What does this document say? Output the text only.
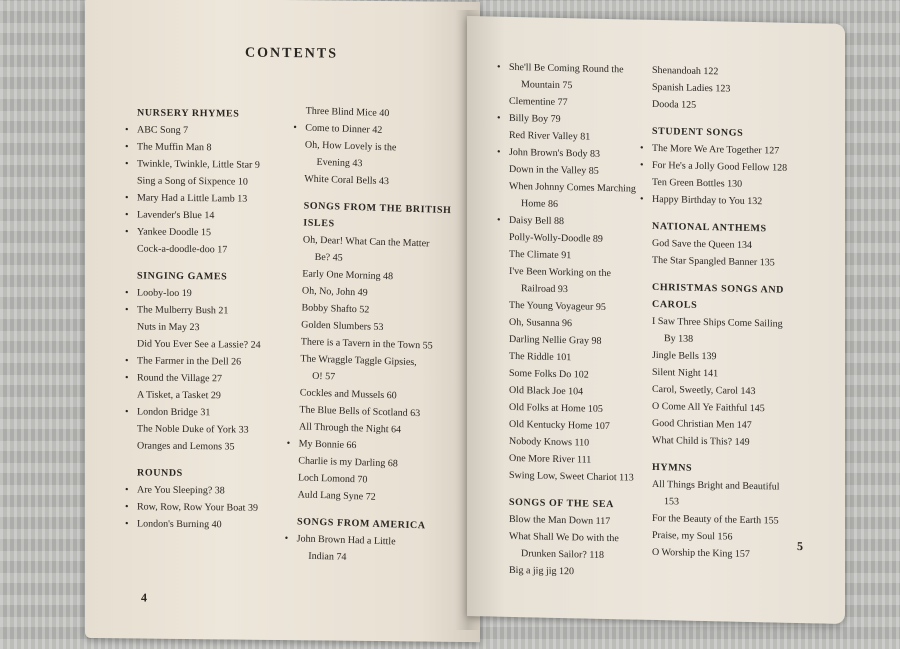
CONTENTS
NURSERY RHYMES
• ABC Song 7
• The Muffin Man 8
• Twinkle, Twinkle, Little Star 9
Sing a Song of Sixpence 10
• Mary Had a Little Lamb 13
• Lavender's Blue 14
• Yankee Doodle 15
Cock-a-doodle-doo 17
SINGING GAMES
• Looby-loo 19
• The Mulberry Bush 21
Nuts in May 23
Did You Ever See a Lassie? 24
• The Farmer in the Dell 26
• Round the Village 27
A Tisket, a Tasket 29
• London Bridge 31
The Noble Duke of York 33
Oranges and Lemons 35
ROUNDS
• Are You Sleeping? 38
• Row, Row, Row Your Boat 39
• London's Burning 40
Three Blind Mice 40
• Come to Dinner 42
Oh, How Lovely is the
Evening 43
White Coral Bells 43
SONGS FROM THE BRITISH
ISLES
Oh, Dear! What Can the Matter
Be? 45
Early One Morning 48
Oh, No, John 49
Bobby Shafto 52
Golden Slumbers 53
There is a Tavern in the Town 55
The Wraggle Taggle Gipsies,
O! 57
Cockles and Mussels 60
The Blue Bells of Scotland 63
All Through the Night 64
• My Bonnie 66
Charlie is my Darling 68
Loch Lomond 70
Auld Lang Syne 72
SONGS FROM AMERICA
• John Brown Had a Little
Indian 74
4
• She'll Be Coming Round the
Mountain 75
Clementine 77
• Billy Boy 79
Red River Valley 81
• John Brown's Body 83
Down in the Valley 85
When Johnny Comes Marching
Home 86
• Daisy Bell 88
Polly-Wolly-Doodle 89
The Climate 91
I've Been Working on the
Railroad 93
The Young Voyageur 95
Oh, Susanna 96
Darling Nellie Gray 98
The Riddle 101
Some Folks Do 102
Old Black Joe 104
Old Folks at Home 105
Old Kentucky Home 107
Nobody Knows 110
One More River 111
Swing Low, Sweet Chariot 113
SONGS OF THE SEA
Blow the Man Down 117
What Shall We Do with the
Drunken Sailor? 118
Big a jig jig 120
Shenandoah 122
Spanish Ladies 123
Dooda 125
STUDENT SONGS
• The More We Are Together 127
• For He's a Jolly Good Fellow 128
Ten Green Bottles 130
• Happy Birthday to You 132
NATIONAL ANTHEMS
God Save the Queen 134
The Star Spangled Banner 135
CHRISTMAS SONGS AND
CAROLS
I Saw Three Ships Come Sailing
By 138
Jingle Bells 139
Silent Night 141
Carol, Sweetly, Carol 143
O Come All Ye Faithful 145
Good Christian Men 147
What Child is This? 149
HYMNS
All Things Bright and Beautiful
153
For the Beauty of the Earth 155
Praise, my Soul 156
O Worship the King 157
5
